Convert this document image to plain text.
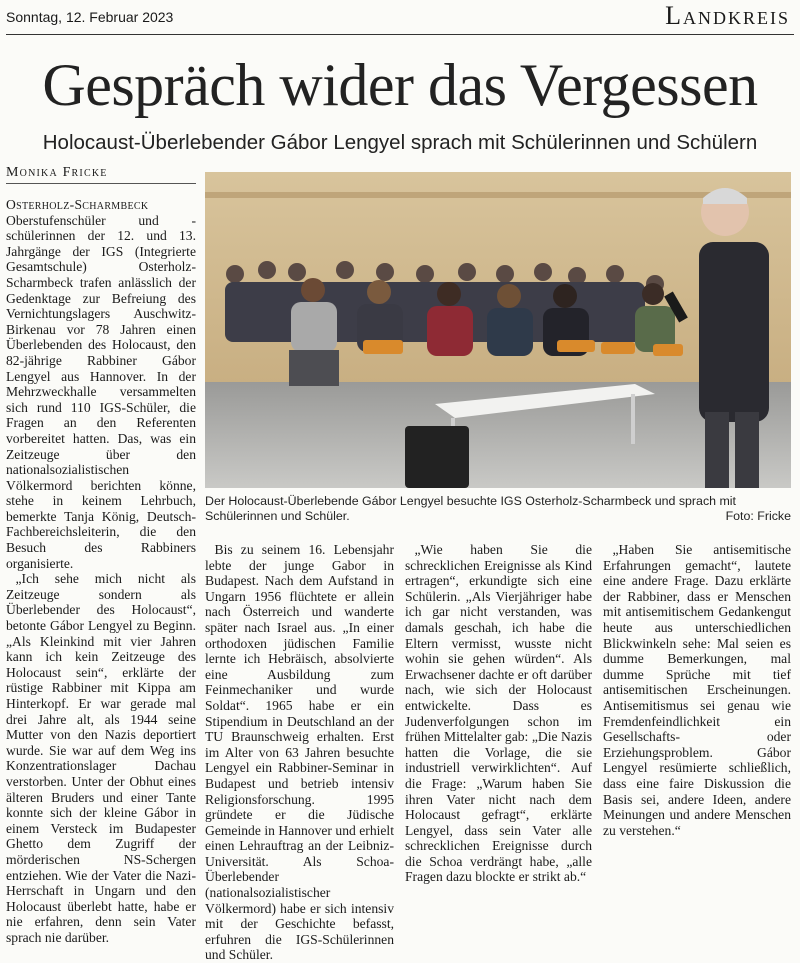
Sonntag, 12. Februar 2023	Landkreis
Gespräch wider das Vergessen
Holocaust-Überlebender Gábor Lengyel sprach mit Schülerinnen und Schülern
Monika Fricke

Osterholz-Scharmbeck Oberstufenschüler und -schülerinnen der 12. und 13. Jahrgänge der IGS (Integrierte Gesamtschule) Osterholz-Scharmbeck trafen anlässlich der Gedenktage zur Befreiung des Vernichtungslagers Auschwitz-Birkenau vor 78 Jahren einen Überlebenden des Holocaust, den 82-jährige Rabbiner Gábor Lengyel aus Hannover. In der Mehrzweckhalle versammelten sich rund 110 IGS-Schüler, die Fragen an den Referenten vorbereitet hatten. Das, was ein Zeitzeuge über den nationalsozialistischen Völkermord berichten könne, stehe in keinem Lehrbuch, bemerkte Tanja König, Deutsch-Fachbereichsleiterin, die den Besuch des Rabbiners organisierte.

„Ich sehe mich nicht als Zeitzeuge sondern als Überlebender des Holocaust“, betonte Gábor Lengyel zu Beginn. „Als Kleinkind mit vier Jahren kann ich kein Zeitzeuge des Holocaust sein“, erklärte der rüstige Rabbiner mit Kippa am Hinterkopf. Er war gerade mal drei Jahre alt, als 1944 seine Mutter von den Nazis deportiert wurde. Sie war auf dem Weg ins Konzentrationslager Dachau verstorben. Unter der Obhut eines älteren Bruders und einer Tante konnte sich der kleine Gábor in einem Versteck im Budapester Ghetto dem Zugriff der mörderischen NS-Schergen entziehen. Wie der Vater die Nazi-Herrschaft in Ungarn und den Holocaust überlebt hatte, habe er nie erfahren, denn sein Vater sprach nie darüber.

Bis zu seinem 16. Lebensjahr lebte der junge Gabor in Budapest. Nach dem Aufstand in Ungarn 1956 flüchtete er allein nach Österreich und wanderte später nach Israel aus. „In einer orthodoxen jüdischen Familie lernte ich Hebräisch, absolvierte eine Ausbildung zum Feinmechaniker und wurde Soldat“. 1965 habe er ein Stipendium in Deutschland an der TU Braunschweig erhalten. Erst im Alter von 63 Jahren besuchte Lengyel ein Rabbiner-Seminar in Budapest und betrieb intensiv Religionsforschung. 1995 gründete er die Jüdische Gemeinde in Hannover und erhielt einen Lehrauftrag an der Leibniz-Universität. Als Schoa-Überlebender (nationalsozialistischer Völkermord) habe er sich intensiv mit der Geschichte befasst, erfuhren die IGS-Schülerinnen und Schüler.

„Wie haben Sie die schrecklichen Ereignisse als Kind ertragen“, erkundigte sich eine Schülerin. „Als Vierjähriger habe ich gar nicht verstanden, was damals geschah, ich habe die Eltern vermisst, wusste nicht wohin sie gehen würden“. Als Erwachsener dachte er oft darüber nach, wie sich der Holocaust entwickelte. Dass es Judenverfolgungen schon im frühen Mittelalter gab: „Die Nazis hatten die Vorlage, die sie industriell verwirklichten“. Auf die Frage: „Warum haben Sie ihren Vater nicht nach dem Holocaust gefragt“, erklärte Lengyel, dass sein Vater alle schrecklichen Ereignisse durch die Schoa verdrängt habe, „alle Fragen dazu blockte er strikt ab.“

„Haben Sie antisemitische Erfahrungen gemacht“, lautete eine andere Frage. Dazu erklärte der Rabbiner, dass er Menschen mit antisemitischem Gedankengut heute aus unterschiedlichen Blickwinkeln sehe: Mal seien es dumme Bemerkungen, mal dumme Sprüche mit tief antisemitischen Erscheinungen. Antisemitismus sei genau wie Fremdenfeindlichkeit ein Gesellschafts- oder Erziehungsproblem. Gábor Lengyel resümierte schließlich, dass eine faire Diskussion die Basis sei, andere Ideen, andere Meinungen und andere Menschen zu verstehen.“

Der Holocaust-Überlebende Gábor Lengyel besuchte IGS Osterholz-Scharmbeck und sprach mit Schülerinnen und Schüler.	Foto: Fricke
